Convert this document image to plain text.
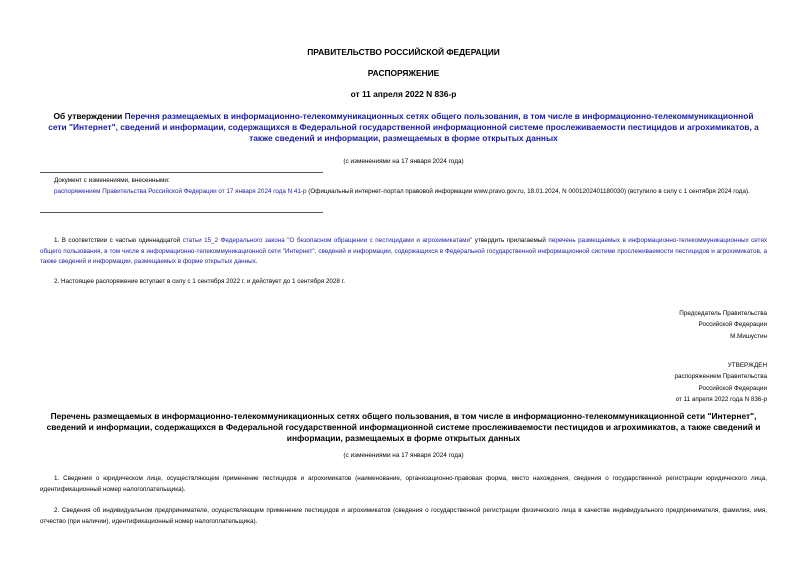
ПРАВИТЕЛЬСТВО РОССИЙСКОЙ ФЕДЕРАЦИИ
РАСПОРЯЖЕНИЕ
от 11 апреля 2022 N 836-р
Об утверждении Перечня размещаемых в информационно-телекоммуникационных сетях общего пользования, в том числе в информационно-телекоммуникационной сети "Интернет", сведений и информации, содержащихся в Федеральной государственной информационной системе прослеживаемости пестицидов и агрохимикатов, а также сведений и информации, размещаемых в форме открытых данных
(с изменениями на 17 января 2024 года)
Документ с изменениями, внесенными:
распоряжением Правительства Российской Федерации от 17 января 2024 года N 41-р (Официальный интернет-портал правовой информации www.pravo.gov.ru, 18.01.2024, N 0001202401180030) (вступило в силу с 1 сентября 2024 года).
1. В соответствии с частью одиннадцатой статьи 15_2 Федерального закона "О безопасном обращении с пестицидами и агрохимикатами" утвердить прилагаемый перечень размещаемых в информационно-телекоммуникационных сетях общего пользования, в том числе в информационно-телекоммуникационной сети "Интернет", сведений и информации, содержащихся в Федеральной государственной информационной системе прослеживаемости пестицидов и агрохимикатов, а также сведений и информации, размещаемых в форме открытых данных.
2. Настоящее распоряжение вступает в силу с 1 сентября 2022 г. и действует до 1 сентября 2028 г.
Председатель Правительства
Российской Федерации
М.Мишустин
УТВЕРЖДЕН
распоряжением Правительства
Российской Федерации
от 11 апреля 2022 года N 836-р
Перечень размещаемых в информационно-телекоммуникационных сетях общего пользования, в том числе в информационно-телекоммуникационной сети "Интернет", сведений и информации, содержащихся в Федеральной государственной информационной системе прослеживаемости пестицидов и агрохимикатов, а также сведений и информации, размещаемых в форме открытых данных
(с изменениями на 17 января 2024 года)
1. Сведения о юридическом лице, осуществляющем применение пестицидов и агрохимикатов (наименование, организационно-правовая форма, место нахождения, сведения о государственной регистрации юридического лица, идентификационный номер налогоплательщика).
2. Сведения об индивидуальном предпринимателе, осуществляющем применение пестицидов и агрохимикатов (сведения о государственной регистрации физического лица в качестве индивидуального предпринимателя, фамилия, имя, отчество (при наличии), идентификационный номер налогоплательщика).
